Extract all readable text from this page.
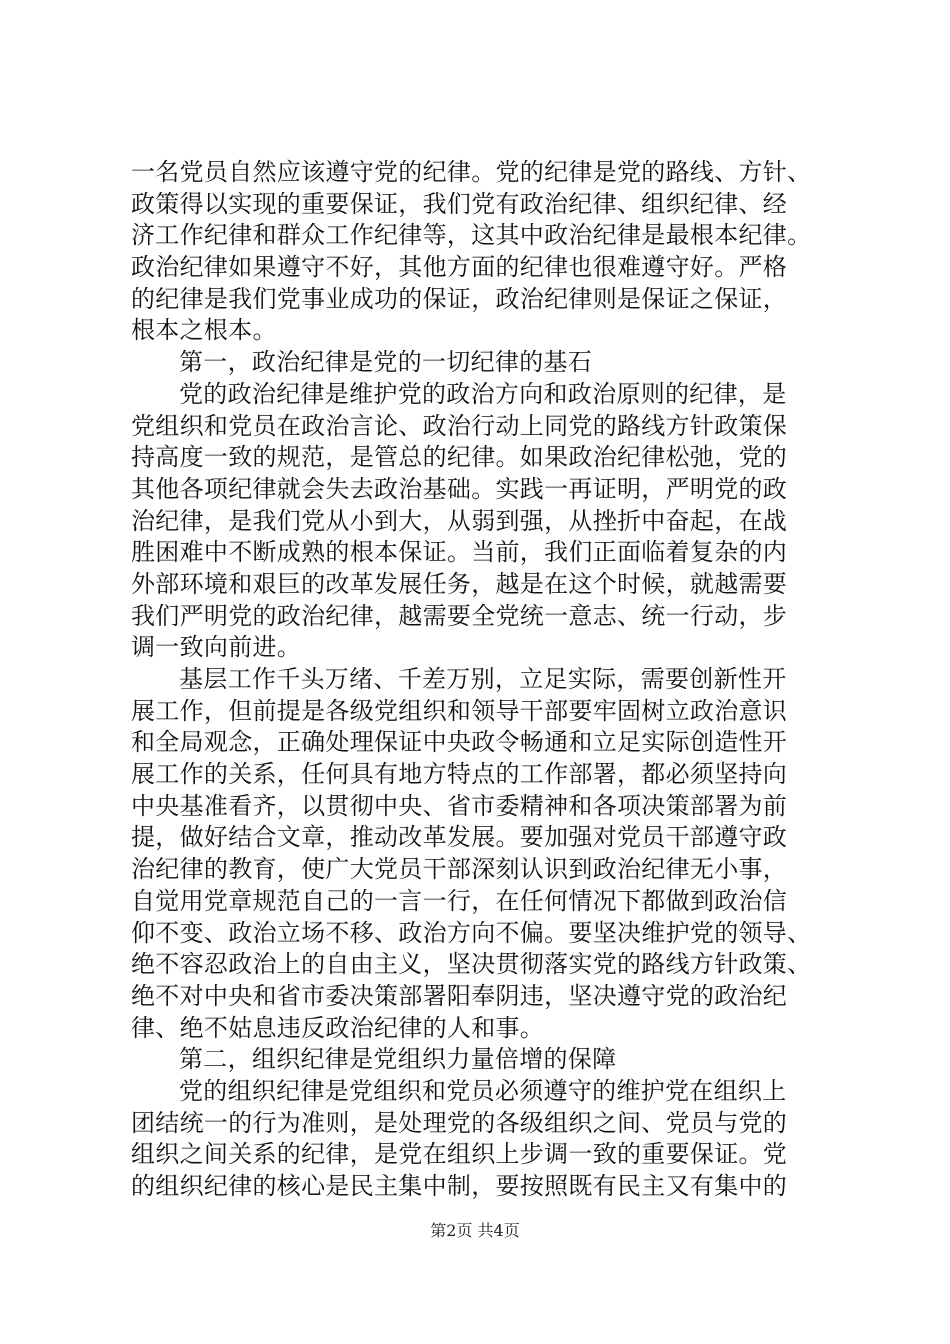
一名党员自然应该遵守党的纪律。党的纪律是党的路线、方针、
政策得以实现的重要保证，我们党有政治纪律、组织纪律、经
济工作纪律和群众工作纪律等，这其中政治纪律是最根本纪律。
政治纪律如果遵守不好，其他方面的纪律也很难遵守好。严格
的纪律是我们党事业成功的保证，政治纪律则是保证之保证，
根本之根本。
第一，政治纪律是党的一切纪律的基石
党的政治纪律是维护党的政治方向和政治原则的纪律，是
党组织和党员在政治言论、政治行动上同党的路线方针政策保
持高度一致的规范，是管总的纪律。如果政治纪律松弛，党的
其他各项纪律就会失去政治基础。实践一再证明，严明党的政
治纪律，是我们党从小到大，从弱到强，从挫折中奋起，在战
胜困难中不断成熟的根本保证。当前，我们正面临着复杂的内
外部环境和艰巨的改革发展任务，越是在这个时候，就越需要
我们严明党的政治纪律，越需要全党统一意志、统一行动，步
调一致向前进。
基层工作千头万绪、千差万别，立足实际，需要创新性开
展工作，但前提是各级党组织和领导干部要牢固树立政治意识
和全局观念，正确处理保证中央政令畅通和立足实际创造性开
展工作的关系，任何具有地方特点的工作部署，都必须坚持向
中央基准看齐，以贯彻中央、省市委精神和各项决策部署为前
提，做好结合文章，推动改革发展。要加强对党员干部遵守政
治纪律的教育，使广大党员干部深刻认识到政治纪律无小事，
自觉用党章规范自己的一言一行，在任何情况下都做到政治信
仰不变、政治立场不移、政治方向不偏。要坚决维护党的领导、
绝不容忍政治上的自由主义，坚决贯彻落实党的路线方针政策、
绝不对中央和省市委决策部署阳奉阴违，坚决遵守党的政治纪
律、绝不姑息违反政治纪律的人和事。
第二，组织纪律是党组织力量倍增的保障
党的组织纪律是党组织和党员必须遵守的维护党在组织上
团结统一的行为准则，是处理党的各级组织之间、党员与党的
组织之间关系的纪律，是党在组织上步调一致的重要保证。党
的组织纪律的核心是民主集中制，要按照既有民主又有集中的
第2页 共4页
